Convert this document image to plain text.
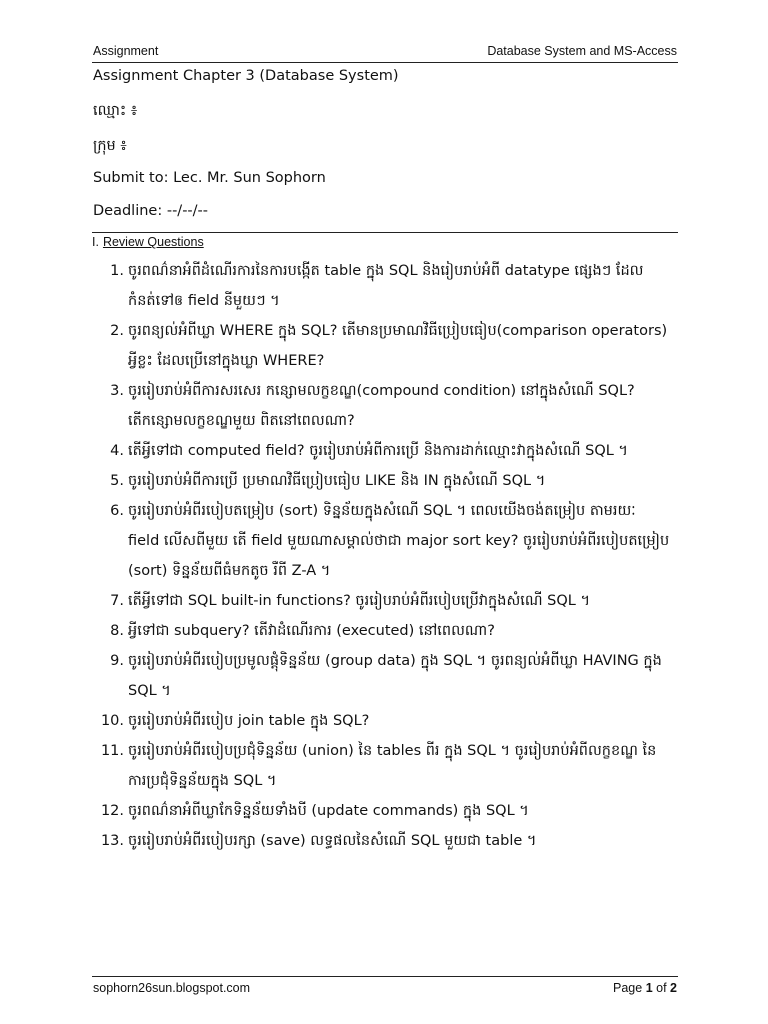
Assignment	Database System and MS-Access
Assignment Chapter 3 (Database System)
ឈ្មោះ ៖
ក្រុម ៖
Submit to: Lec. Mr. Sun Sophorn
Deadline: --/--/--
I. Review Questions
1. ចូរពណ៌នាអំពីដំណើរការនៃការបង្កើត table ក្នុង SQL និងរៀបរាប់អំពី datatype ផ្សេងៗ ដែលកំនត់ទៅឲ field នីមួយៗ ។
2. ចូរពន្យល់អំពីឃ្លា WHERE ក្នុង SQL? តើមានប្រមាណវិធីប្រៀបធៀប(comparison operators) អ្វីខ្លះ ដែលប្រើនៅក្នុងឃ្លា WHERE?
3. ចូររៀបរាប់អំពីការសរសេរ កន្សោមលក្ខខណ្ឌ(compound condition) នៅក្នុងសំណើ SQL? តើកន្សោមលក្ខខណ្ឌមួយ ពិតនៅពេលណា?
4. តើអ្វីទៅជា computed field? ចូររៀបរាប់អំពីការប្រើ និងការដាក់ឈ្មោះវាក្នុងសំណើ SQL ។
5. ចូររៀបរាប់អំពីការប្រើ ប្រមាណវិធីប្រៀបធៀប LIKE និង IN ក្នុងសំណើ SQL ។
6. ចូររៀបរាប់អំពីរបៀបតម្រៀប (sort) ទិន្នន័យក្នុងសំណើ SQL ។ ពេលយើងចង់តម្រៀប តាមរយៈ field លើសពីមួយ តើ field មួយណាសម្គាល់ថាជា major sort key? ចូររៀបរាប់អំពីរបៀបតម្រៀប (sort) ទិន្នន័យពីធំមកតូច រឺពី Z-A ។
7. តើអ្វីទៅជា SQL built-in functions? ចូររៀបរាប់អំពីរបៀបប្រើវាក្នុងសំណើ SQL ។
8. អ្វីទៅជា subquery? តើវាដំណើរការ (executed) នៅពេលណា?
9. ចូររៀបរាប់អំពីរបៀបប្រមូលផ្តុំទិន្នន័យ (group data) ក្នុង SQL ។ ចូរពន្យល់អំពីឃ្លា HAVING ក្នុង SQL ។
10. ចូររៀបរាប់អំពីរបៀប join table ក្នុង SQL?
11. ចូររៀបរាប់អំពីរបៀបប្រជុំទិន្នន័យ (union) នៃ tables ពីរ ក្នុង SQL ។ ចូររៀបរាប់អំពីលក្ខខណ្ឌ នៃការប្រជុំទិន្នន័យក្នុង SQL ។
12. ចូរពណ៌នាអំពីឃ្លាកែទិន្នន័យទាំងបី (update commands) ក្នុង SQL ។
13. ចូររៀបរាប់អំពីរបៀបរក្សា (save) លទ្ធផលនៃសំណើ SQL មួយជា table ។
sophorn26sun.blogspot.com	Page 1 of 2
